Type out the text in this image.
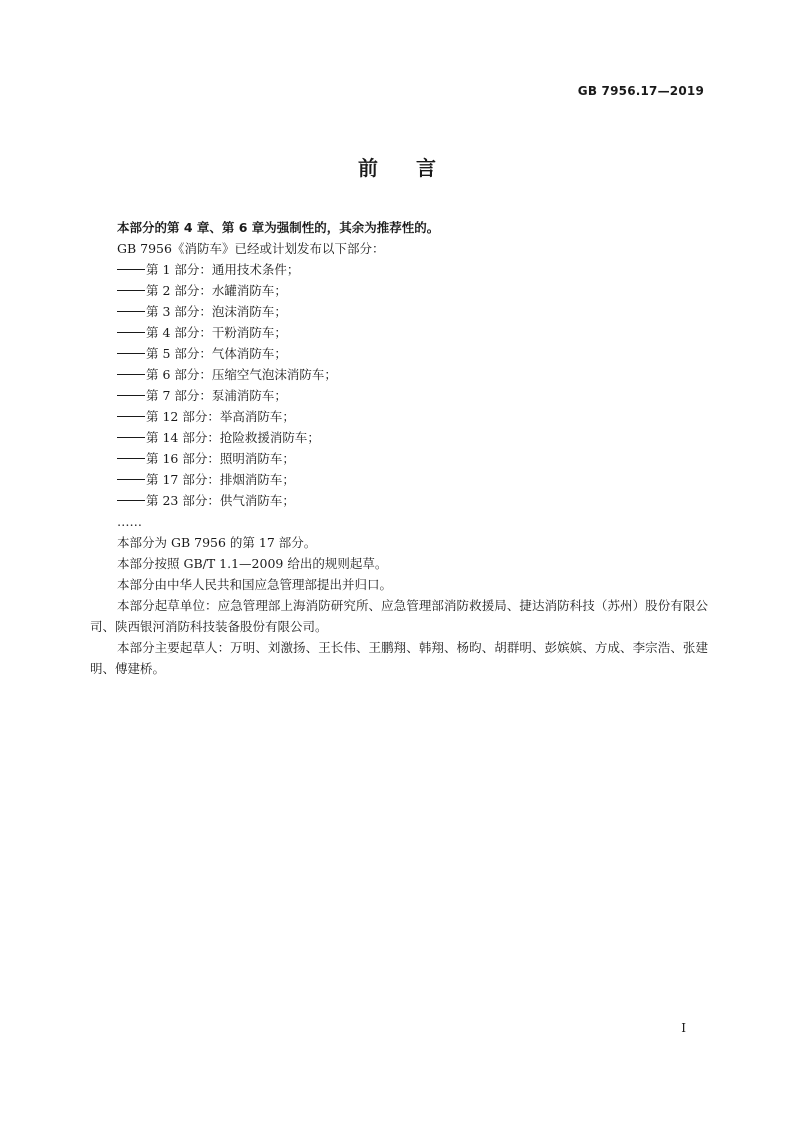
GB 7956.17—2019
前言

本部分的第 4 章、第 6 章为强制性的，其余为推荐性的。

GB 7956《消防车》已经或计划发布以下部分：

第 1 部分：通用技术条件；

第 2 部分：水罐消防车；

第 3 部分：泡沫消防车；

第 4 部分：干粉消防车；

第 5 部分：气体消防车；

第 6 部分：压缩空气泡沫消防车；

第 7 部分：泵浦消防车；

第 12 部分：举高消防车；

第 14 部分：抢险救援消防车；

第 16 部分：照明消防车；

第 17 部分：排烟消防车；

第 23 部分：供气消防车；

……

本部分为 GB 7956 的第 17 部分。

本部分按照 GB/T 1.1—2009 给出的规则起草。

本部分由中华人民共和国应急管理部提出并归口。

本部分起草单位：应急管理部上海消防研究所、应急管理部消防救援局、捷达消防科技（苏州）股份有限公司、陕西银河消防科技装备股份有限公司。

本部分主要起草人：万明、刘激扬、王长伟、王鹏翔、韩翔、杨昀、胡群明、彭嫔嫔、方成、李宗浩、张建明、傅建桥。

I
